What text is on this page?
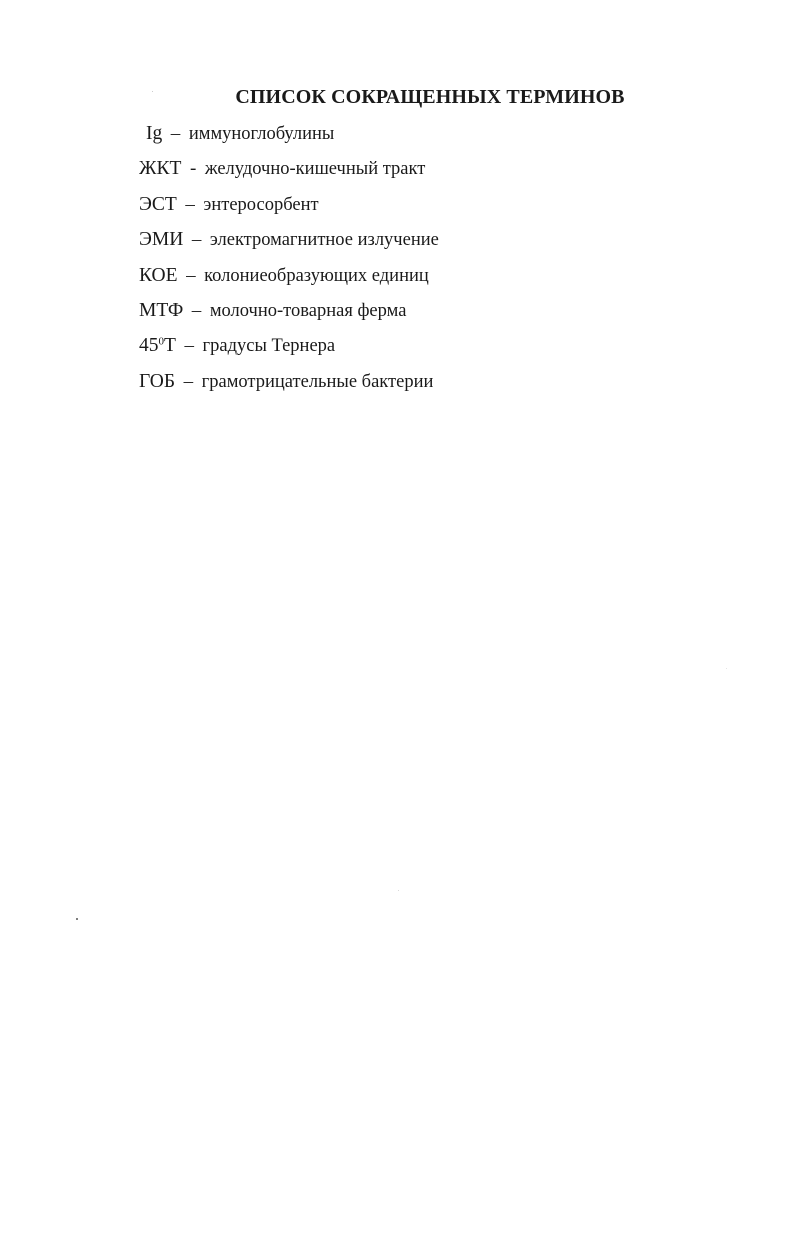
СПИСОК СОКРАЩЕННЫХ ТЕРМИНОВ
Ig – иммуноглобулины
ЖКТ - желудочно-кишечный тракт
ЭСТ – энтеросорбент
ЭМИ – электромагнитное излучение
КОЕ – колониеобразующих единиц
МТФ – молочно-товарная ферма
$45^0Т$ – градусы Тернера
ГОБ – грамотрицательные бактерии
